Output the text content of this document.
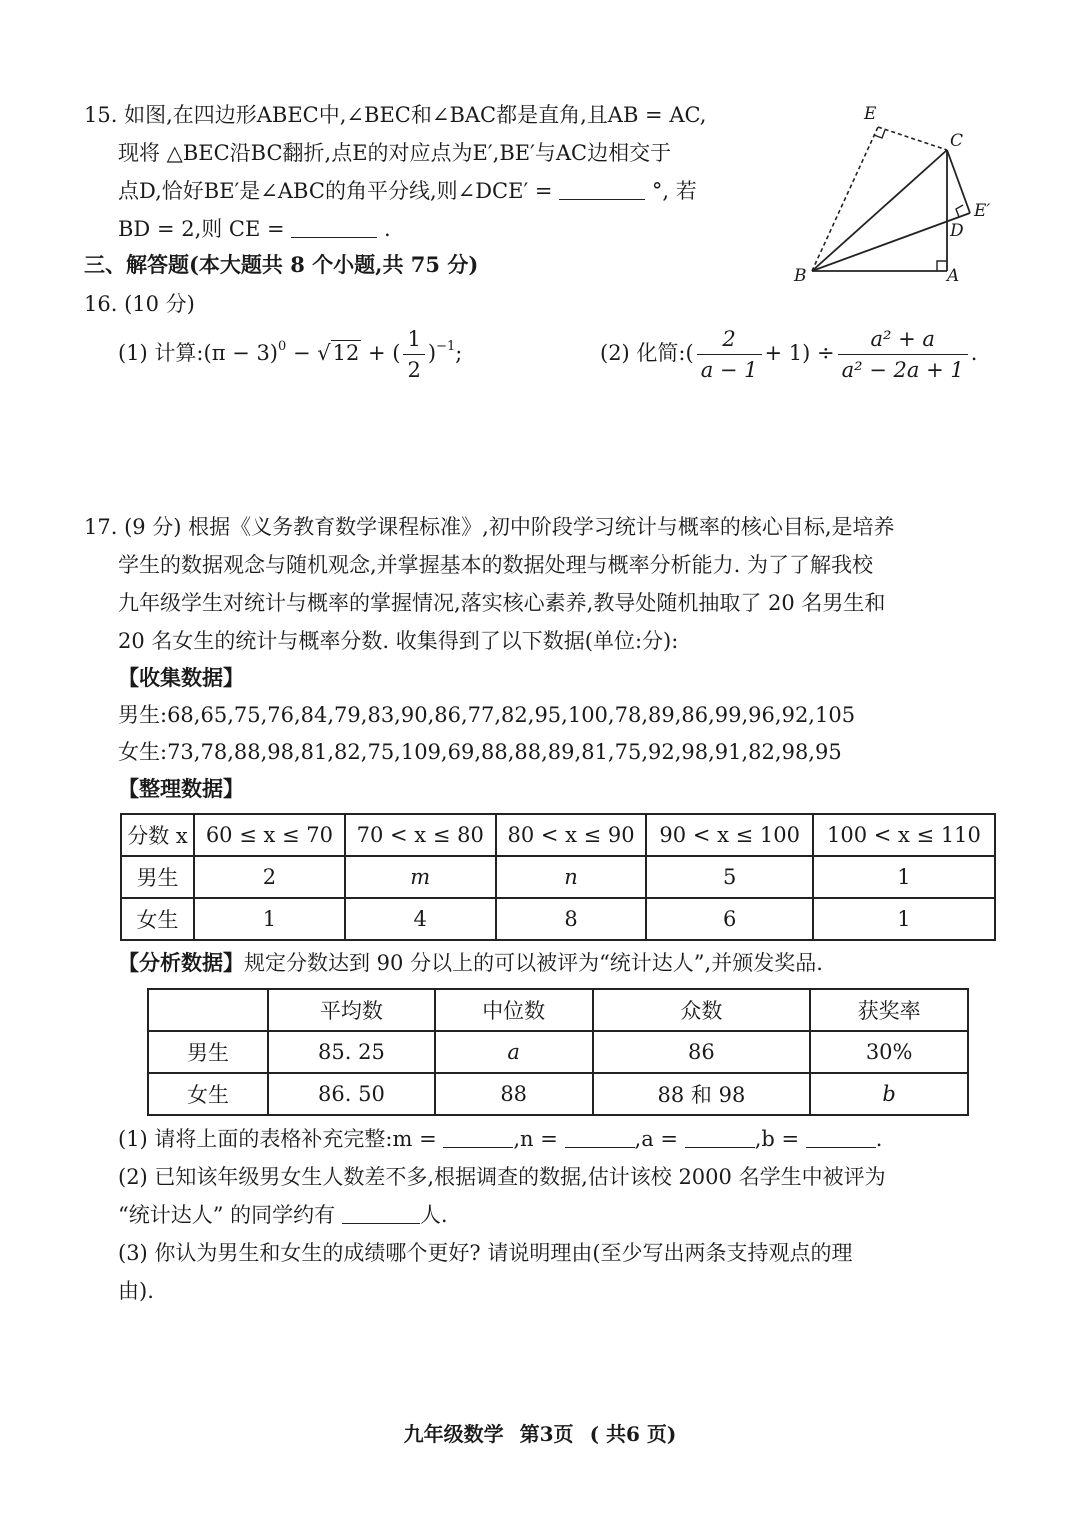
15. 如图,在四边形ABEC中,∠BEC和∠BAC都是直角,且AB = AC,
现将 △BEC沿BC翻折,点E的对应点为E′,BE′与AC边相交于
点D,恰好BE′是∠ABC的角平分线,则∠DCE′ =	°, 若
BD = 2,则 CE =	.
E
C
E′
D
B	A
三、解答题(本大题共 8 个小题,共 75 分)
16. (10 分)
(1) 计算:(π − 3)$^0$ − √12 + ( $\frac{1}{2} )^{-1}$;	(2) 化简:( $\frac{2}{a - 1} + 1) \div \frac{\text{a² + a}}{\text{a² − 2a + 1}}$ .
17. (9 分) 根据《义务教育数学课程标准》,初中阶段学习统计与概率的核心目标,是培养
学生的数据观念与随机观念,并掌握基本的数据处理与概率分析能力. 为了了解我校
九年级学生对统计与概率的掌握情况,落实核心素养,教导处随机抽取了 20 名男生和
20 名女生的统计与概率分数. 收集得到了以下数据(单位:分):
【收集数据】
男生:68,65,75,76,84,79,83,90,86,77,82,95,100,78,89,86,99,96,92,105
女生:73,78,88,98,81,82,75,109,69,88,88,89,81,75,92,98,91,82,98,95
【整理数据】
分数 x	60 ≤ x ≤ 70	70 < x ≤ 80	80 < x ≤ 90	90 < x ≤ 100	100 < x ≤ 110
男生	2	m	n	5	1
女生	1	4	8	6	1
【分析数据】规定分数达到 90 分以上的可以被评为“统计达人”,并颁发奖品.
	平均数	中位数	众数	获奖率
男生	85. 25	a	86	30%
女生	86. 50	88	88 和 98	b
(1) 请将上面的表格补充完整:m =	,n =	,a =	,b =	.
(2) 已知该年级男女生人数差不多,根据调查的数据,估计该校 2000 名学生中被评为
“统计达人” 的同学约有	人.
(3) 你认为男生和女生的成绩哪个更好? 请说明理由(至少写出两条支持观点的理
由).
九年级数学 第3页 ( 共6 页)
